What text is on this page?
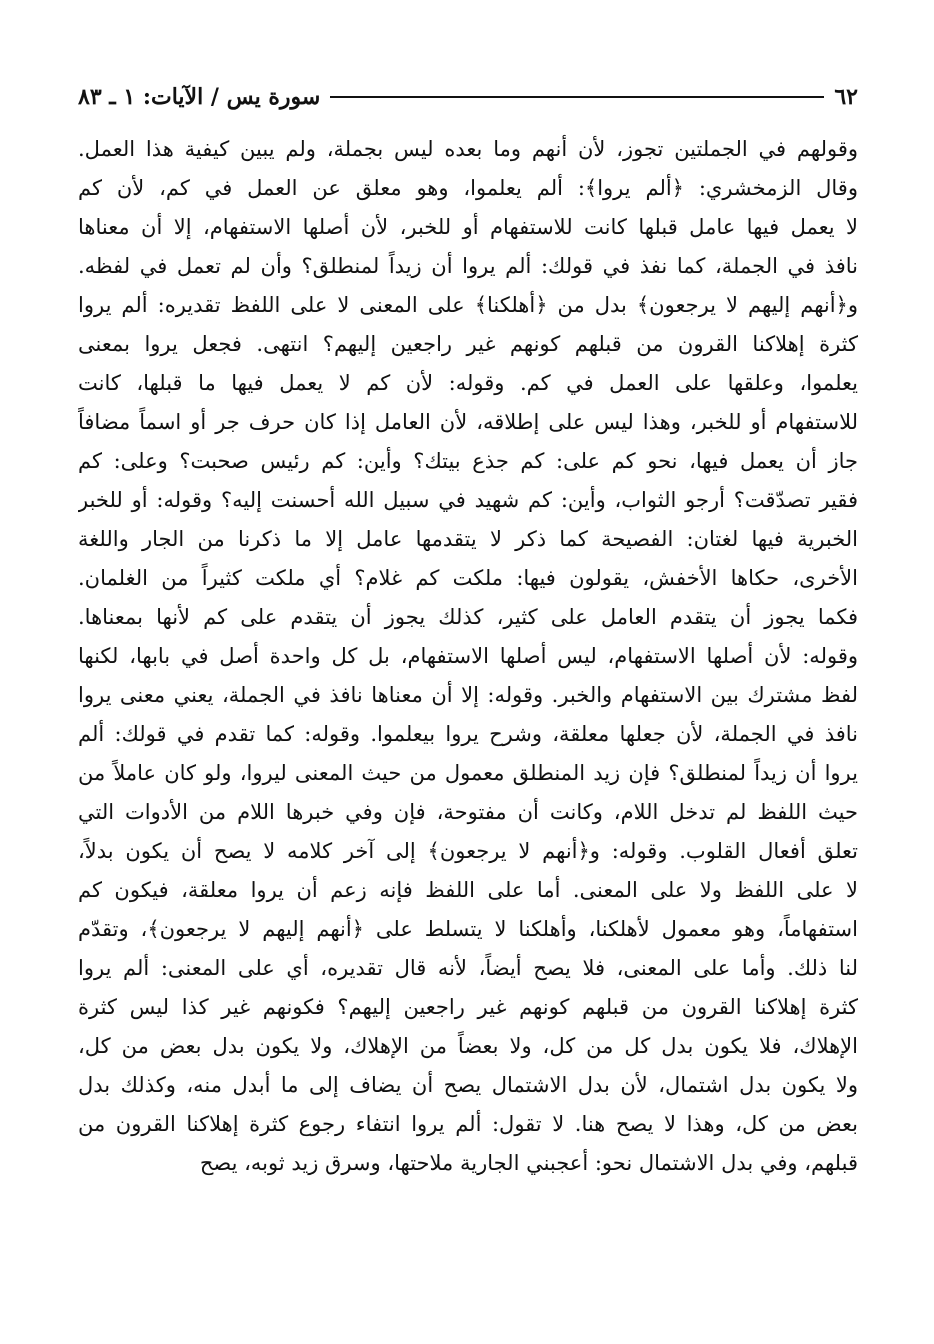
٦٢
سورة يس / الآيات: ١ ـ ٨٣
وقولهم في الجملتين تجوز، لأن أنهم وما بعده ليس بجملة، ولم يبين كيفية هذا العمل.
وقال الزمخشري: ﴿ألم يروا﴾: ألم يعلموا، وهو معلق عن العمل في كم، لأن كم
لا يعمل فيها عامل قبلها كانت للاستفهام أو للخبر، لأن أصلها الاستفهام، إلا أن معناها
نافذ في الجملة، كما نفذ في قولك: ألم يروا أن زيداً لمنطلق؟ وأن لم تعمل في لفظه.
و﴿أنهم إليهم لا يرجعون﴾ بدل من ﴿أهلكنا﴾ على المعنى لا على اللفظ تقديره: ألم يروا
كثرة إهلاكنا القرون من قبلهم كونهم غير راجعين إليهم؟ انتهى. فجعل يروا بمعنى
يعلموا، وعلقها على العمل في كم. وقوله: لأن كم لا يعمل فيها ما قبلها، كانت
للاستفهام أو للخبر، وهذا ليس على إطلاقه، لأن العامل إذا كان حرف جر أو اسماً مضافاً
جاز أن يعمل فيها، نحو كم على: كم جذع بيتك؟ وأين: كم رئيس صحبت؟ وعلى: كم
فقير تصدّقت؟ أرجو الثواب، وأين: كم شهيد في سبيل الله أحسنت إليه؟ وقوله: أو للخبر
الخبرية فيها لغتان: الفصيحة كما ذكر لا يتقدمها عامل إلا ما ذكرنا من الجار واللغة
الأخرى، حكاها الأخفش، يقولون فيها: ملكت كم غلام؟ أي ملكت كثيراً من الغلمان.
فكما يجوز أن يتقدم العامل على كثير، كذلك يجوز أن يتقدم على كم لأنها بمعناها.
وقوله: لأن أصلها الاستفهام، ليس أصلها الاستفهام، بل كل واحدة أصل في بابها، لكنها
لفظ مشترك بين الاستفهام والخبر. وقوله: إلا أن معناها نافذ في الجملة، يعني معنى يروا
نافذ في الجملة، لأن جعلها معلقة، وشرح يروا بيعلموا. وقوله: كما تقدم في قولك: ألم
يروا أن زيداً لمنطلق؟ فإن زيد المنطلق معمول من حيث المعنى ليروا، ولو كان عاملاً من
حيث اللفظ لم تدخل اللام، وكانت أن مفتوحة، فإن وفي خبرها اللام من الأدوات التي
تعلق أفعال القلوب. وقوله: و﴿أنهم لا يرجعون﴾ إلى آخر كلامه لا يصح أن يكون بدلاً،
لا على اللفظ ولا على المعنى. أما على اللفظ فإنه زعم أن يروا معلقة، فيكون كم
استفهاماً، وهو معمول لأهلكنا، وأهلكنا لا يتسلط على ﴿أنهم إليهم لا يرجعون﴾، وتقدّم
لنا ذلك. وأما على المعنى، فلا يصح أيضاً، لأنه قال تقديره، أي على المعنى: ألم يروا
كثرة إهلاكنا القرون من قبلهم كونهم غير راجعين إليهم؟ فكونهم غير كذا ليس كثرة
الإهلاك، فلا يكون بدل كل من كل، ولا بعضاً من الإهلاك، ولا يكون بدل بعض من كل،
ولا يكون بدل اشتمال، لأن بدل الاشتمال يصح أن يضاف إلى ما أبدل منه، وكذلك بدل
بعض من كل، وهذا لا يصح هنا. لا تقول: ألم يروا انتفاء رجوع كثرة إهلاكنا القرون من
قبلهم، وفي بدل الاشتمال نحو: أعجبني الجارية ملاحتها، وسرق زيد ثوبه، يصح
